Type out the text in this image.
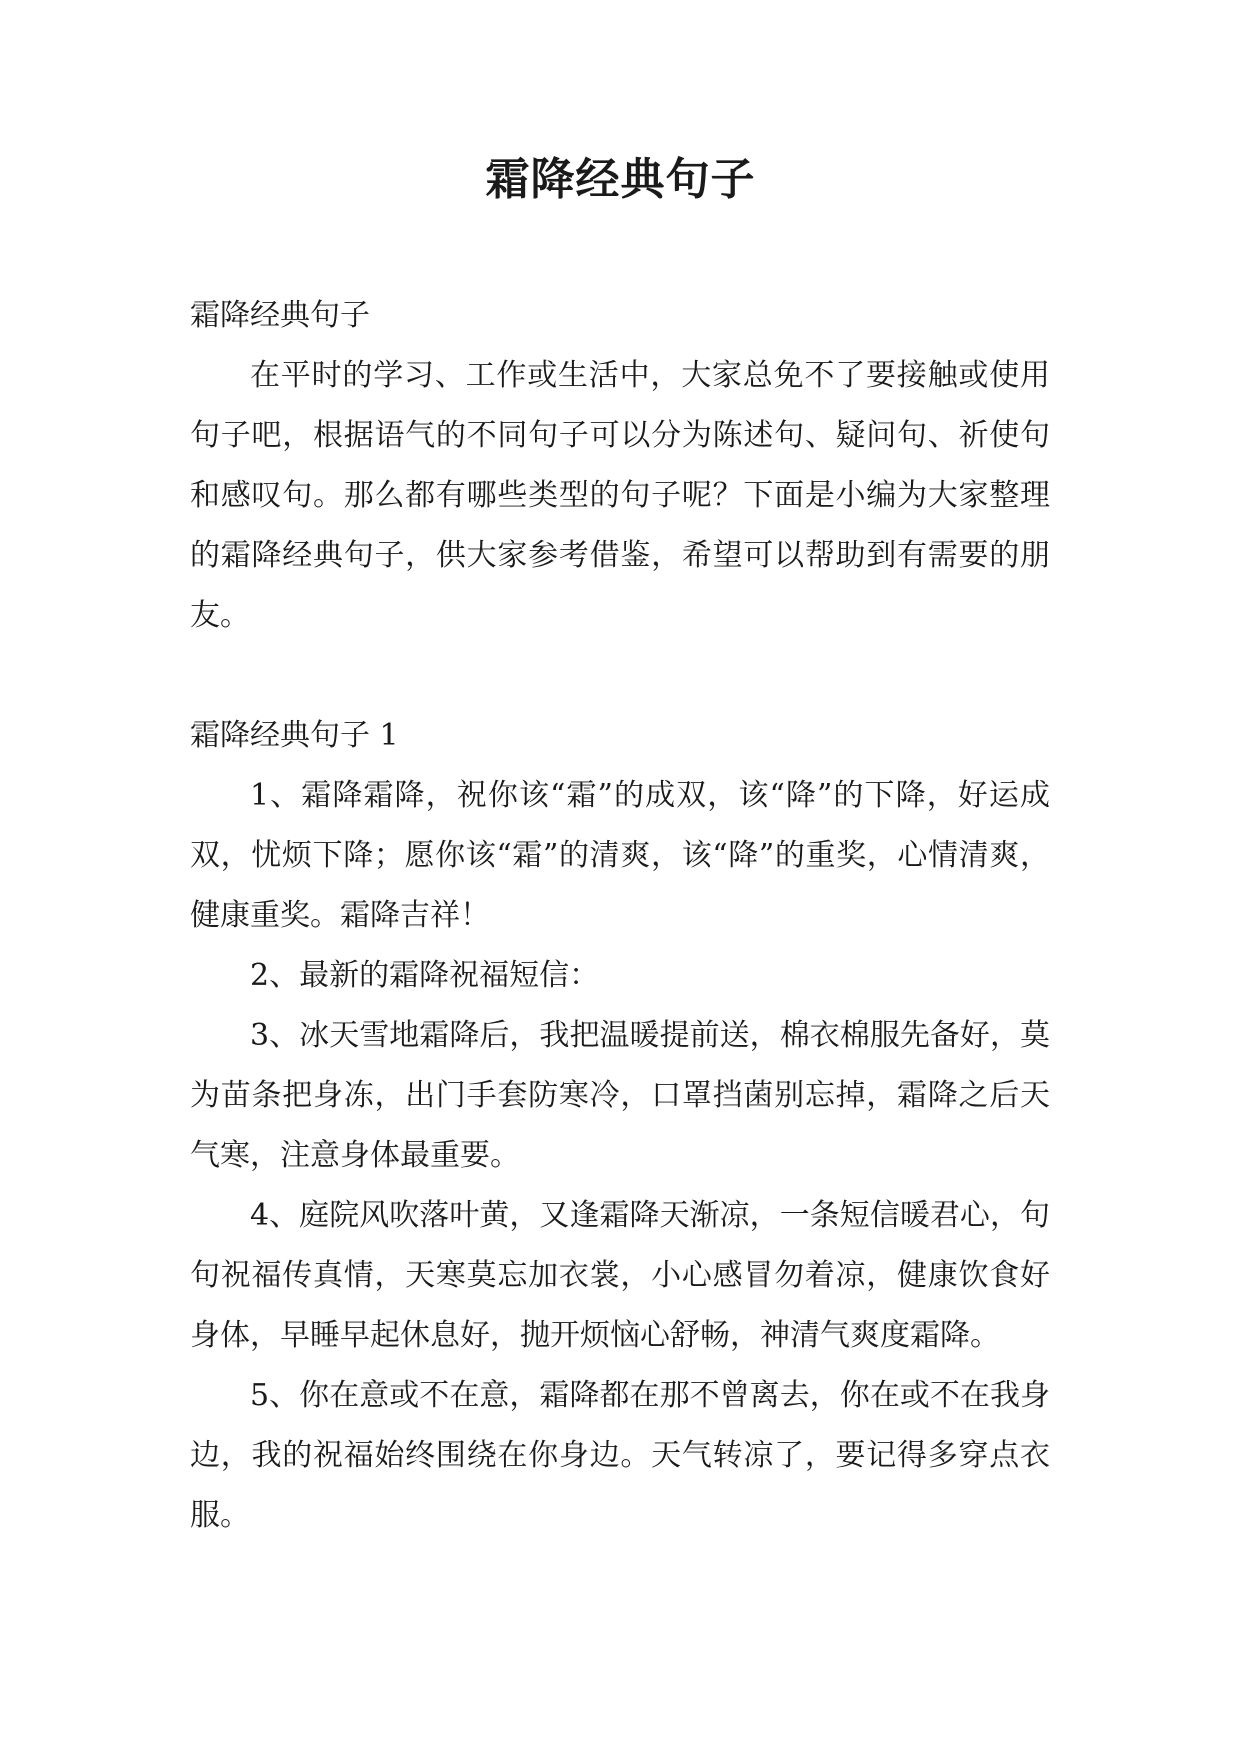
霜降经典句子

霜降经典句子

在平时的学习、工作或生活中，大家总免不了要接触或使用句子吧，根据语气的不同句子可以分为陈述句、疑问句、祈使句和感叹句。那么都有哪些类型的句子呢？下面是小编为大家整理的霜降经典句子，供大家参考借鉴，希望可以帮助到有需要的朋友。

霜降经典句子 1

1、霜降霜降，祝你该“霜”的成双，该“降”的下降，好运成双，忧烦下降；愿你该“霜”的清爽，该“降”的重奖，心情清爽，健康重奖。霜降吉祥！

2、最新的霜降祝福短信：

3、冰天雪地霜降后，我把温暖提前送，棉衣棉服先备好，莫为苗条把身冻，出门手套防寒冷，口罩挡菌别忘掉，霜降之后天气寒，注意身体最重要。

4、庭院风吹落叶黄，又逢霜降天渐凉，一条短信暖君心，句句祝福传真情，天寒莫忘加衣裳，小心感冒勿着凉，健康饮食好身体，早睡早起休息好，抛开烦恼心舒畅，神清气爽度霜降。

5、你在意或不在意，霜降都在那不曾离去，你在或不在我身边，我的祝福始终围绕在你身边。天气转凉了，要记得多穿点衣服。
